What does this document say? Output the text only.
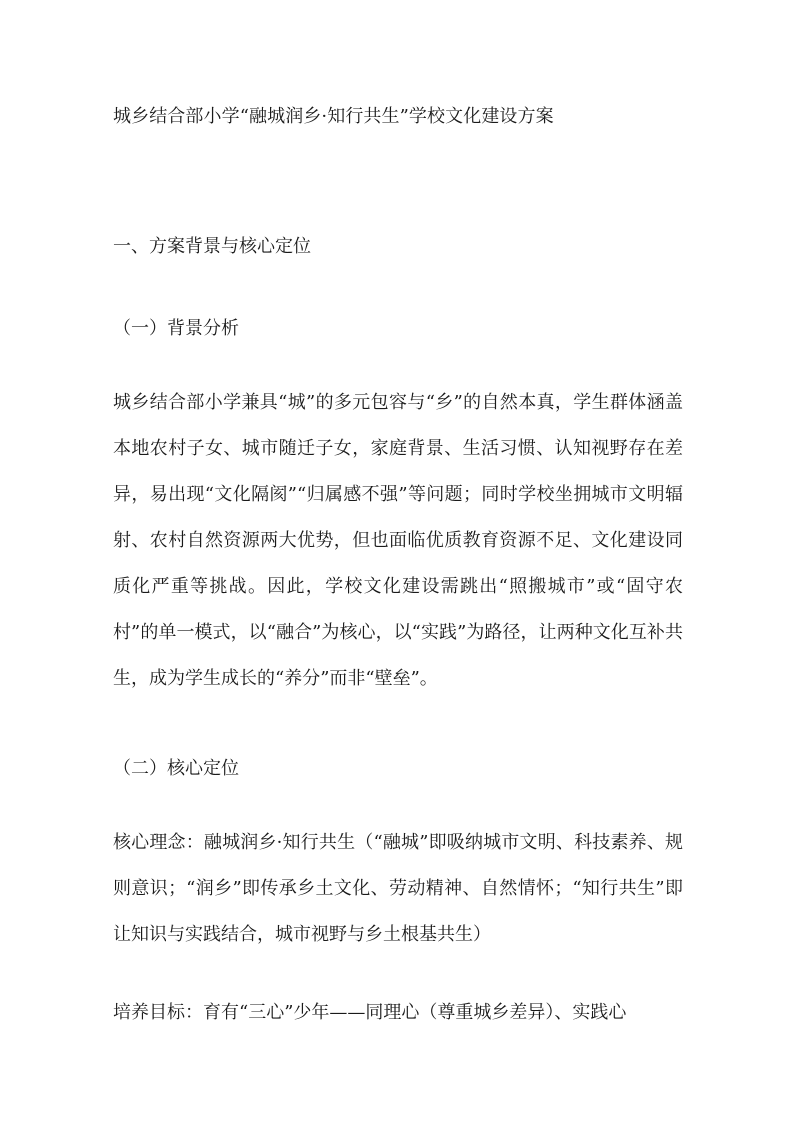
城乡结合部小学“融城润乡·知行共生”学校文化建设方案
一、方案背景与核心定位
（一）背景分析

城乡结合部小学兼具“城”的多元包容与“乡”的自然本真，学生群体涵盖本地农村子女、城市随迁子女，家庭背景、生活习惯、认知视野存在差异，易出现“文化隔阂”“归属感不强”等问题；同时学校坐拥城市文明辐射、农村自然资源两大优势，但也面临优质教育资源不足、文化建设同质化严重等挑战。因此，学校文化建设需跳出“照搬城市”或“固守农村”的单一模式，以“融合”为核心，以“实践”为路径，让两种文化互补共生，成为学生成长的“养分”而非“壁垒”。

（二）核心定位

核心理念：融城润乡·知行共生（“融城”即吸纳城市文明、科技素养、规则意识；“润乡”即传承乡土文化、劳动精神、自然情怀；“知行共生”即让知识与实践结合，城市视野与乡土根基共生）

培养目标：育有“三心”少年——同理心（尊重城乡差异）、实践心
